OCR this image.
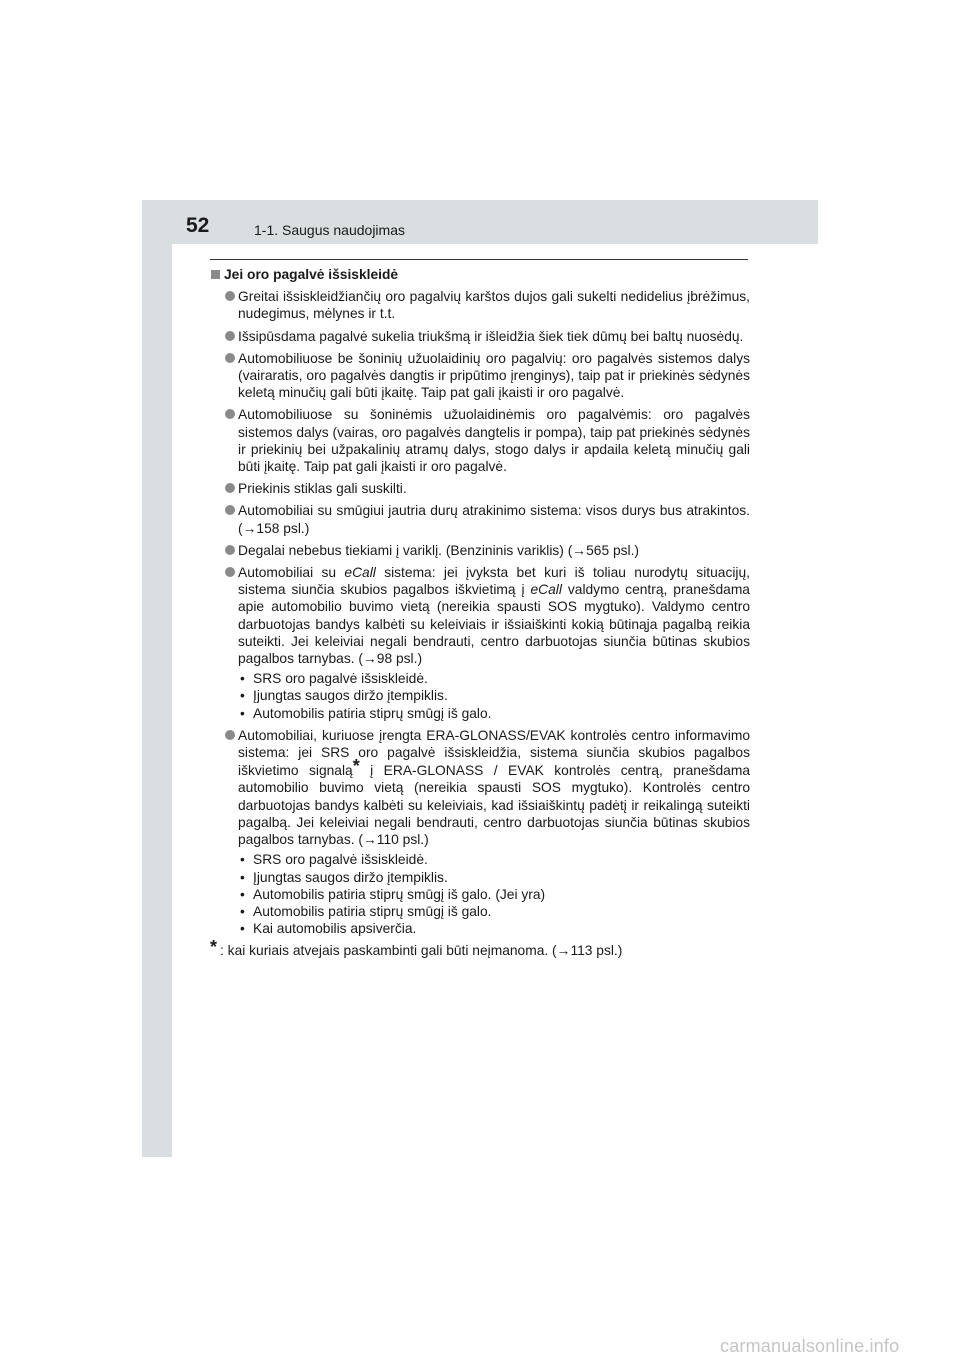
52	1-1. Saugus naudojimas
Jei oro pagalvė išsiskleidė
Greitai išsiskleidžiančių oro pagalvių karštos dujos gali sukelti nedidelius įbrėžimus, nudegimus, mėlynes ir t.t.
Išsipūsdama pagalvė sukelia triukšmą ir išleidžia šiek tiek dūmų bei baltų nuosėdų.
Automobiliuose be šoninių užuolaidinių oro pagalvių: oro pagalvės sistemos dalys (vairaratis, oro pagalvės dangtis ir pripūtimo įrenginys), taip pat ir priekinės sėdynės keletą minučių gali būti įkaitę. Taip pat gali įkaisti ir oro pagalvė.
Automobiliuose su šoninėmis užuolaidinėmis oro pagalvėmis: oro pagalvės sistemos dalys (vairas, oro pagalvės dangtelis ir pompa), taip pat priekinės sėdynės ir priekinių bei užpakalinių atramų dalys, stogo dalys ir apdaila keletą minučių gali būti įkaitę. Taip pat gali įkaisti ir oro pagalvė.
Priekinis stiklas gali suskilti.
Automobiliai su smūgiui jautria durų atrakinimo sistema: visos durys bus atrakintos. (→158 psl.)
Degalai nebebus tiekiami į variklį. (Benzininis variklis) (→565 psl.)
Automobiliai su eCall sistema: jei įvyksta bet kuri iš toliau nurodytų situacijų, sistema siunčia skubios pagalbos iškvietimą į eCall valdymo centrą, pranešdama apie automobilio buvimo vietą (nereikia spausti SOS mygtuko). Valdymo centro darbuotojas bandys kalbėti su keleiviais ir išsiaiškinti kokią būtinąja pagalbą reikia suteikti. Jei keleiviai negali bendrauti, centro darbuotojas siunčia būtinas skubios pagalbos tarnybas. (→98 psl.)
• SRS oro pagalvė išsiskleidė.
• Įjungtas saugos diržo įtempiklis.
• Automobilis patiria stiprų smūgį iš galo.
Automobiliai, kuriuose įrengta ERA-GLONASS/EVAK kontrolės centro informavimo sistema: jei SRS oro pagalvė išsiskleidžia, sistema siunčia skubios pagalbos iškvietimo signalą* į ERA-GLONASS / EVAK kontrolės centrą, pranešdama automobilio buvimo vietą (nereikia spausti SOS mygtuko). Kontrolės centro darbuotojas bandys kalbėti su keleiviais, kad išsiaiškintų padėtį ir reikalingą suteikti pagalbą. Jei keleiviai negali bendrauti, centro darbuotojas siunčia būtinas skubios pagalbos tarnybas. (→110 psl.)
• SRS oro pagalvė išsiskleidė.
• Įjungtas saugos diržo įtempiklis.
• Automobilis patiria stiprų smūgį iš galo. (Jei yra)
• Automobilis patiria stiprų smūgį iš galo.
• Kai automobilis apsiverčia.
* : kai kuriais atvejais paskambinti gali būti neįmanoma. (→113 psl.)
carmanualsonline.info
